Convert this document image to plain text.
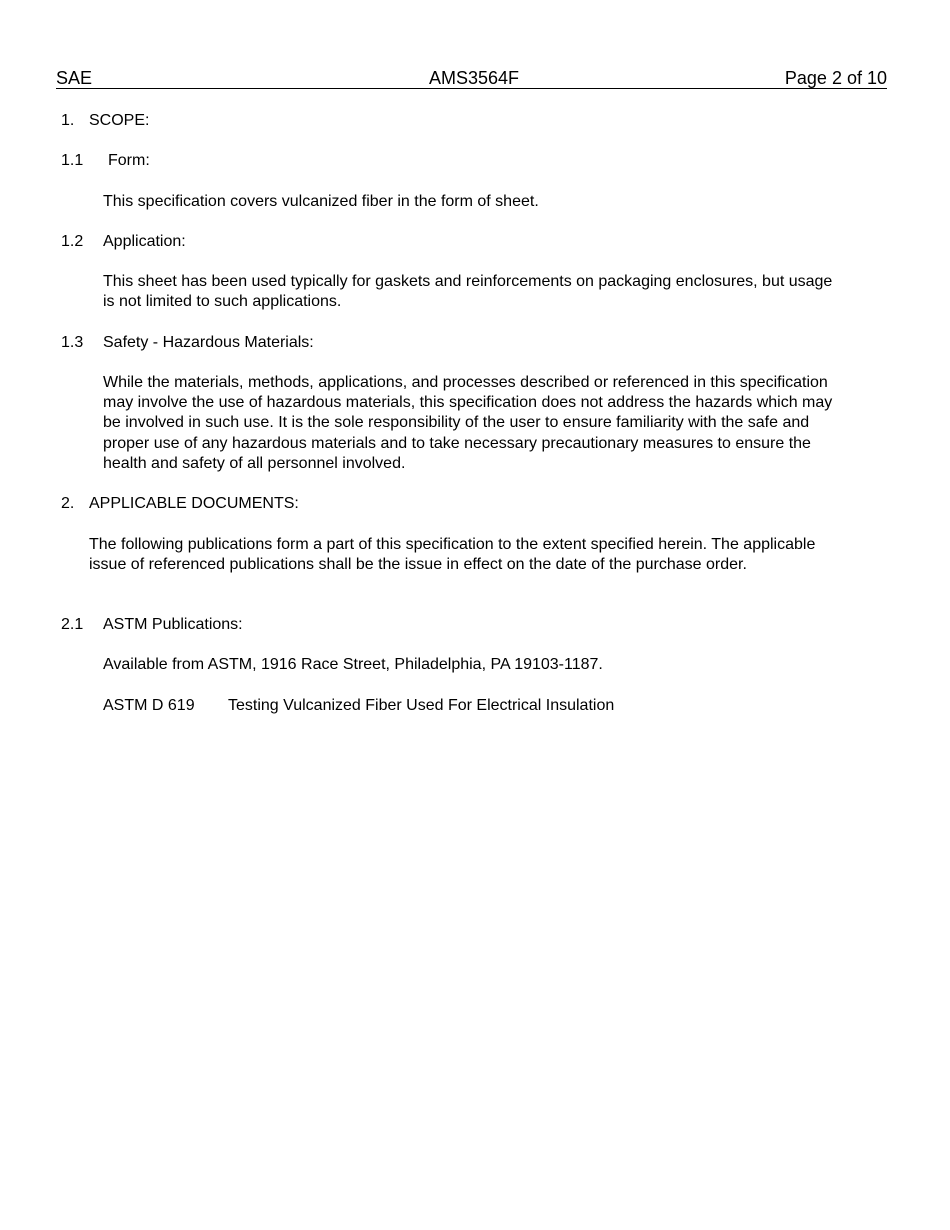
SAE	AMS3564F	Page 2 of 10
1. SCOPE:
1.1 Form:
This specification covers vulcanized fiber in the form of sheet.
1.2 Application:
This sheet has been used typically for gaskets and reinforcements on packaging enclosures, but usage is not limited to such applications.
1.3 Safety - Hazardous Materials:
While the materials, methods, applications, and processes described or referenced in this specification may involve the use of hazardous materials, this specification does not address the hazards which may be involved in such use. It is the sole responsibility of the user to ensure familiarity with the safe and proper use of any hazardous materials and to take necessary precautionary measures to ensure the health and safety of all personnel involved.
2. APPLICABLE DOCUMENTS:
The following publications form a part of this specification to the extent specified herein. The applicable issue of referenced publications shall be the issue in effect on the date of the purchase order.
2.1 ASTM Publications:
Available from ASTM, 1916 Race Street, Philadelphia, PA 19103-1187.
ASTM D 619 Testing Vulcanized Fiber Used For Electrical Insulation
